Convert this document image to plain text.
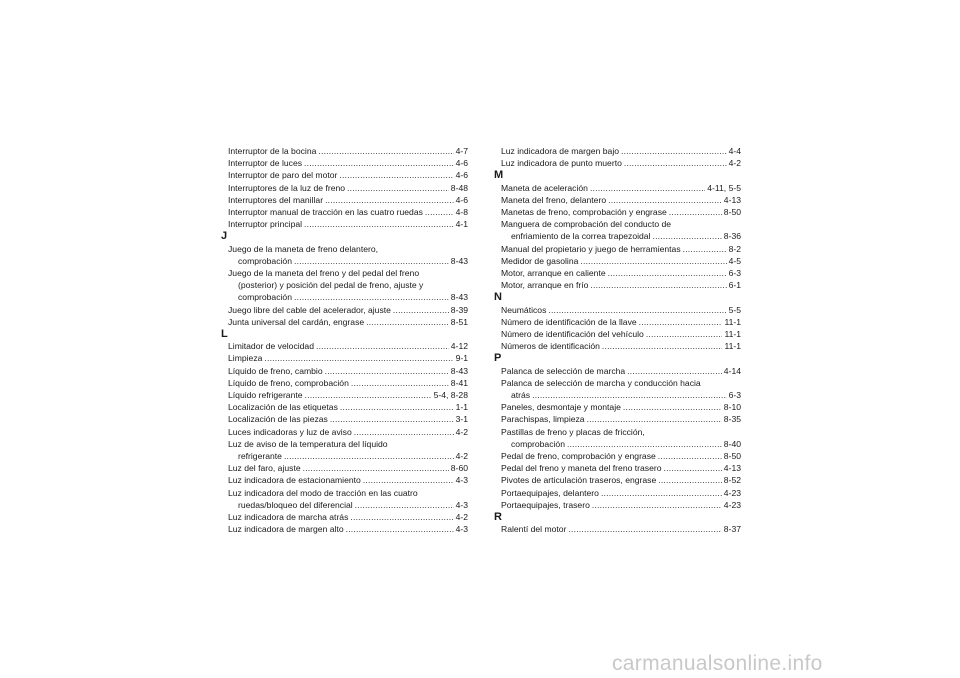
Interruptor de la bocina .....	4-7
Interruptor de luces .....	4-6
Interruptor de paro del motor .....	4-6
Interruptores de la luz de freno .....	8-48
Interruptores del manillar .....	4-6
Interruptor manual de tracción en las cuatro ruedas .....	4-8
Interruptor principal .....	4-1
J
Juego de la maneta de freno delantero,
comprobación .....	8-43
Juego de la maneta del freno y del pedal del freno
(posterior) y posición del pedal de freno, ajuste y
comprobación .....	8-43
Juego libre del cable del acelerador, ajuste .....	8-39
Junta universal del cardán, engrase .....	8-51
L
Limitador de velocidad .....	4-12
Limpieza .....	9-1
Líquido de freno, cambio .....	8-43
Líquido de freno, comprobación .....	8-41
Líquido refrigerante .....	5-4, 8-28
Localización de las etiquetas .....	1-1
Localización de las piezas .....	3-1
Luces indicadoras y luz de aviso .....	4-2
Luz de aviso de la temperatura del líquido
refrigerante .....	4-2
Luz del faro, ajuste .....	8-60
Luz indicadora de estacionamiento .....	4-3
Luz indicadora del modo de tracción en las cuatro
ruedas/bloqueo del diferencial .....	4-3
Luz indicadora de marcha atrás .....	4-2
Luz indicadora de margen alto .....	4-3
Luz indicadora de margen bajo .....	4-4
Luz indicadora de punto muerto .....	4-2
M
Maneta de aceleración .....	4-11, 5-5
Maneta del freno, delantero .....	4-13
Manetas de freno, comprobación y engrase .....	8-50
Manguera de comprobación del conducto de
enfriamiento de la correa trapezoidal .....	8-36
Manual del propietario y juego de herramientas .....	8-2
Medidor de gasolina .....	4-5
Motor, arranque en caliente .....	6-3
Motor, arranque en frío .....	6-1
N
Neumáticos .....	5-5
Número de identificación de la llave .....	11-1
Número de identificación del vehículo .....	11-1
Números de identificación .....	11-1
P
Palanca de selección de marcha .....	4-14
Palanca de selección de marcha y conducción hacia
atrás .....	6-3
Paneles, desmontaje y montaje .....	8-10
Parachispas, limpieza .....	8-35
Pastillas de freno y placas de fricción,
comprobación .....	8-40
Pedal de freno, comprobación y engrase .....	8-50
Pedal del freno y maneta del freno trasero .....	4-13
Pivotes de articulación traseros, engrase .....	8-52
Portaequipajes, delantero .....	4-23
Portaequipajes, trasero .....	4-23
R
Ralentí del motor .....	8-37
carmanualsonline.info
